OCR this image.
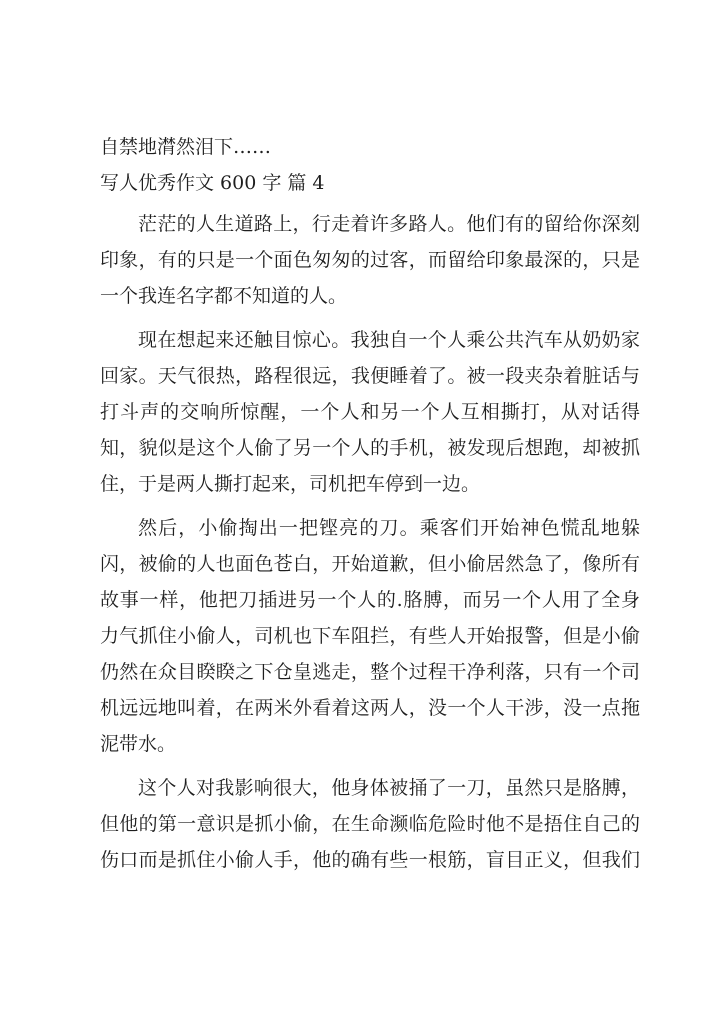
自禁地潸然泪下……
写人优秀作文 600 字 篇 4
茫茫的人生道路上，行走着许多路人。他们有的留给你深刻
印象，有的只是一个面色匆匆的过客，而留给印象最深的，只是
一个我连名字都不知道的人。
现在想起来还触目惊心。我独自一个人乘公共汽车从奶奶家
回家。天气很热，路程很远，我便睡着了。被一段夹杂着脏话与
打斗声的交响所惊醒，一个人和另一个人互相撕打，从对话得
知，貌似是这个人偷了另一个人的手机，被发现后想跑，却被抓
住，于是两人撕打起来，司机把车停到一边。
然后，小偷掏出一把铿亮的刀。乘客们开始神色慌乱地躲
闪，被偷的人也面色苍白，开始道歉，但小偷居然急了，像所有
故事一样，他把刀插进另一个人的.胳膊，而另一个人用了全身
力气抓住小偷人，司机也下车阻拦，有些人开始报警，但是小偷
仍然在众目睽睽之下仓皇逃走，整个过程干净利落，只有一个司
机远远地叫着，在两米外看着这两人，没一个人干涉，没一点拖
泥带水。
这个人对我影响很大，他身体被捅了一刀，虽然只是胳膊，
但他的第一意识是抓小偷，在生命濒临危险时他不是捂住自己的
伤口而是抓住小偷人手，他的确有些一根筋，盲目正义，但我们
